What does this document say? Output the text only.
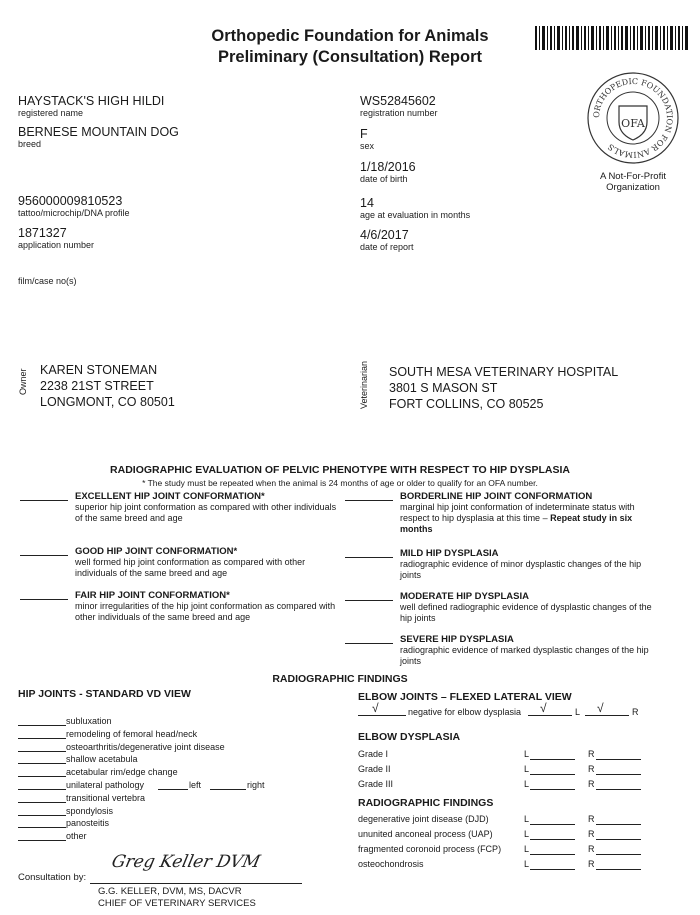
Orthopedic Foundation for Animals
Preliminary (Consultation) Report
ORTHOPEDIC FOUNDATION FOR ANIMALS
OFA
A Not-For-Profit
Organization
HAYSTACK'S HIGH HILDI
registered name
BERNESE MOUNTAIN DOG
breed
956000009810523
tattoo/microchip/DNA profile
1871327
application number
film/case no(s)
WS52845602
registration number
F
sex
1/18/2016
date of birth
14
age at evaluation in months
4/6/2017
date of report
Owner KAREN STONEMAN
2238 21ST STREET
LONGMONT, CO 80501	Veterinarian SOUTH MESA VETERINARY HOSPITAL
3801 S MASON ST
FORT COLLINS, CO 80525
RADIOGRAPHIC EVALUATION OF PELVIC PHENOTYPE WITH RESPECT TO HIP DYSPLASIA
* The study must be repeated when the animal is 24 months of age or older to qualify for an OFA number.
EXCELLENT HIP JOINT CONFORMATION*
superior hip joint conformation as compared with other individuals of the same breed and age
GOOD HIP JOINT CONFORMATION*
well formed hip joint conformation as compared with other individuals of the same breed and age
FAIR HIP JOINT CONFORMATION*
minor irregularities of the hip joint conformation as compared with other individuals of the same breed and age
BORDERLINE HIP JOINT CONFORMATION
marginal hip joint conformation of indeterminate status with respect to hip dysplasia at this time – Repeat study in six months
MILD HIP DYSPLASIA
radiographic evidence of minor dysplastic changes of the hip joints
MODERATE HIP DYSPLASIA
well defined radiographic evidence of dysplastic changes of the hip joints
SEVERE HIP DYSPLASIA
radiographic evidence of marked dysplastic changes of the hip joints
RADIOGRAPHIC FINDINGS
HIP JOINTS - STANDARD VD VIEW
subluxation
remodeling of femoral head/neck
osteoarthritis/degenerative joint disease
shallow acetabula
acetabular rim/edge change
unilateral pathology	left	right
transitional vertebra
spondylosis
panosteitis
other
ELBOW JOINTS – FLEXED LATERAL VIEW
√	negative for elbow dysplasia √	L √	R
ELBOW DYSPLASIA
Grade I	L	R
Grade II	L	R
Grade III	L	R
RADIOGRAPHIC FINDINGS
degenerative joint disease (DJD)	L	R
ununited anconeal process (UAP)	L	R
fragmented coronoid process (FCP)	L	R
osteochondrosis	L	R
Consultation by:
Greg Keller DVM
G.G. KELLER, DVM, MS, DACVR
CHIEF OF VETERINARY SERVICES
